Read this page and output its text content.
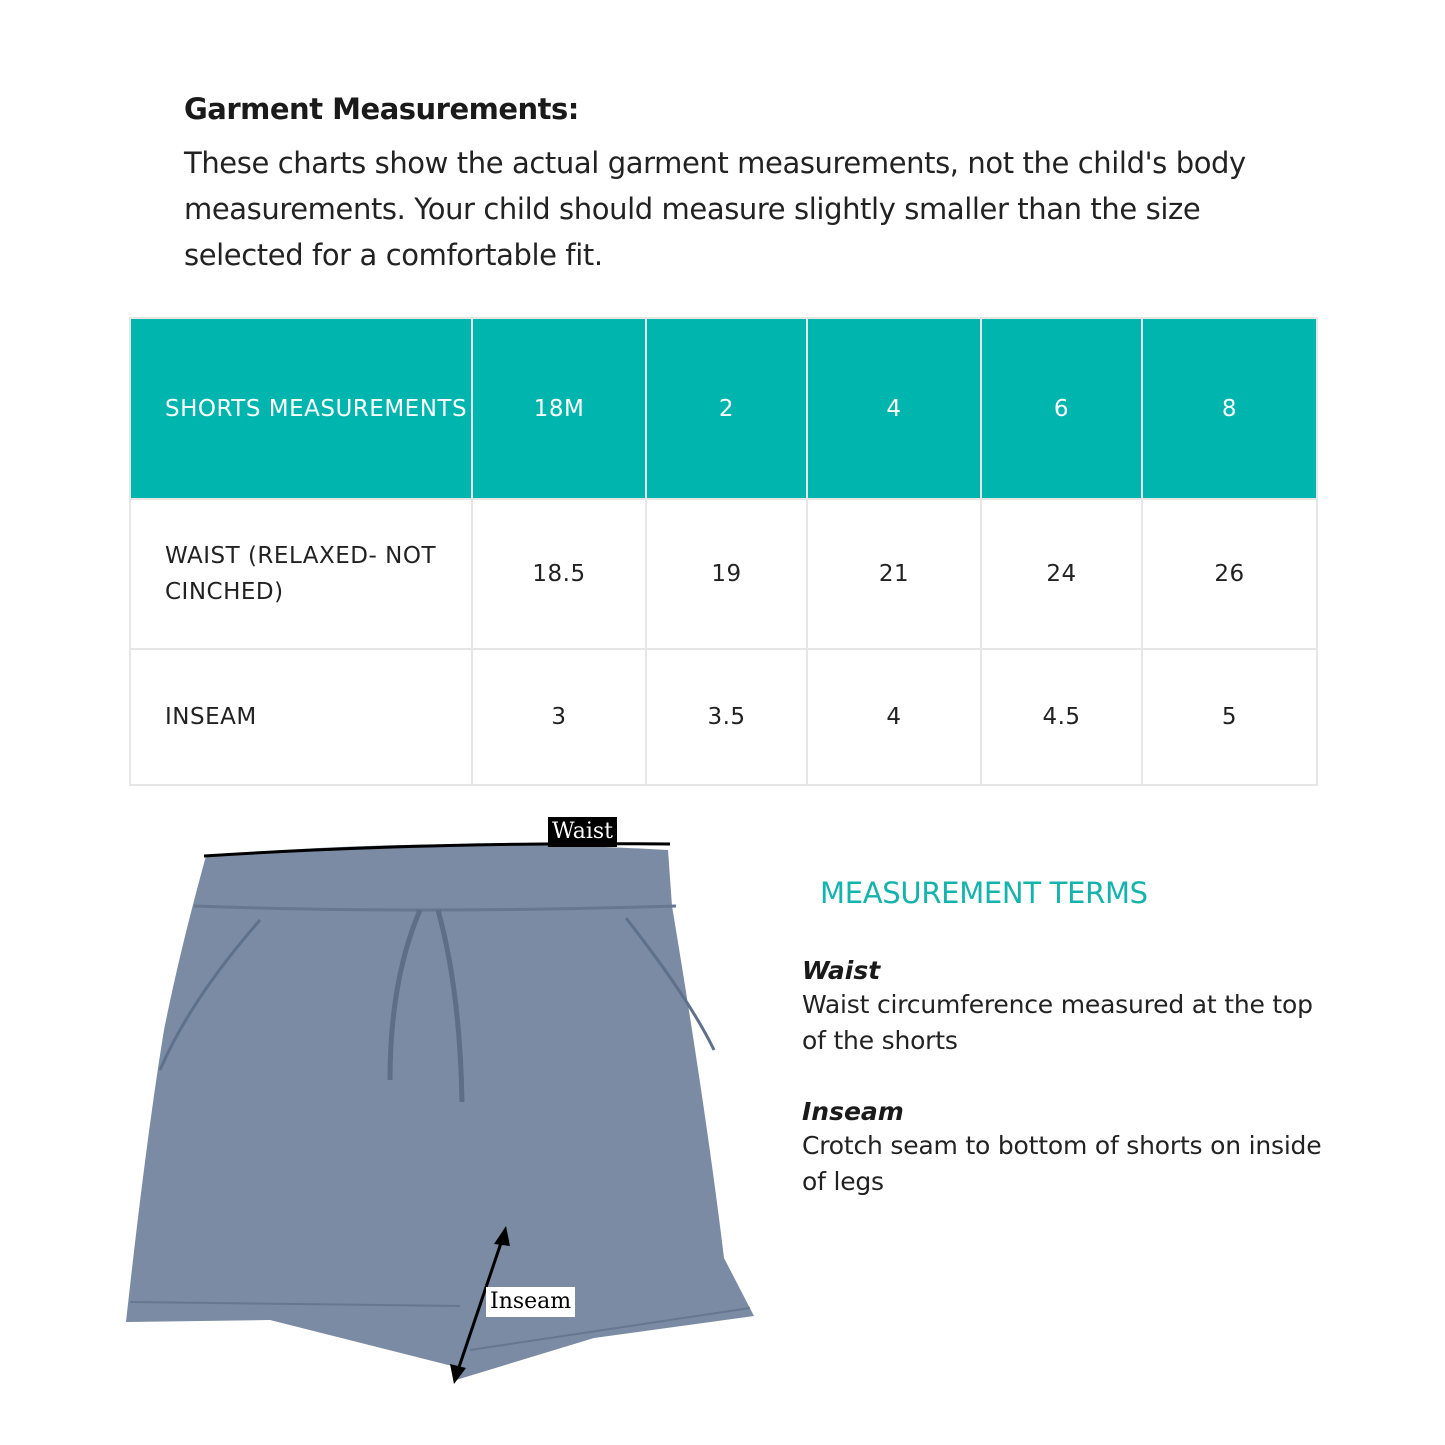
Garment Measurements:

These charts show the actual garment measurements, not the child's body measurements. Your child should measure slightly smaller than the size selected for a comfortable fit.

SHORTS MEASUREMENTS	18M	2	4	6	8
WAIST (RELAXED- NOT CINCHED)	18.5	19	21	24	26
INSEAM	3	3.5	4	4.5	5
Waist
Inseam
MEASUREMENT TERMS

Waist

Waist circumference measured at the top of the shorts

Inseam

Crotch seam to bottom of shorts on inside of legs
